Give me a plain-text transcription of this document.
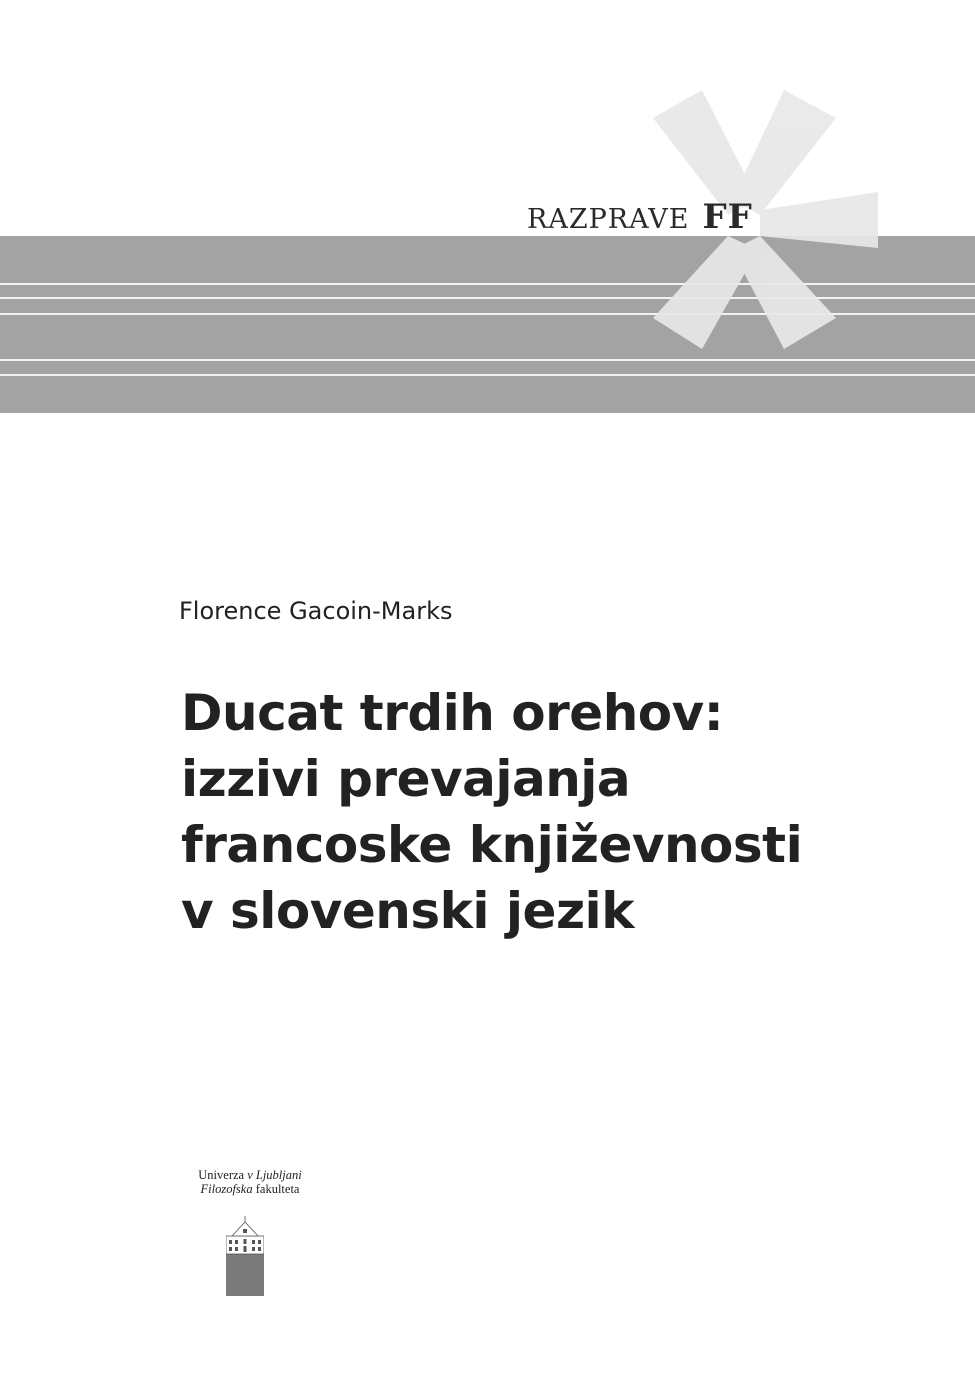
razprave FF
Florence Gacoin-Marks
Ducat trdih orehov:
izzivi prevajanja
francoske književnosti
v slovenski jezik
Univerza v Ljubljani
Filozofska fakulteta
